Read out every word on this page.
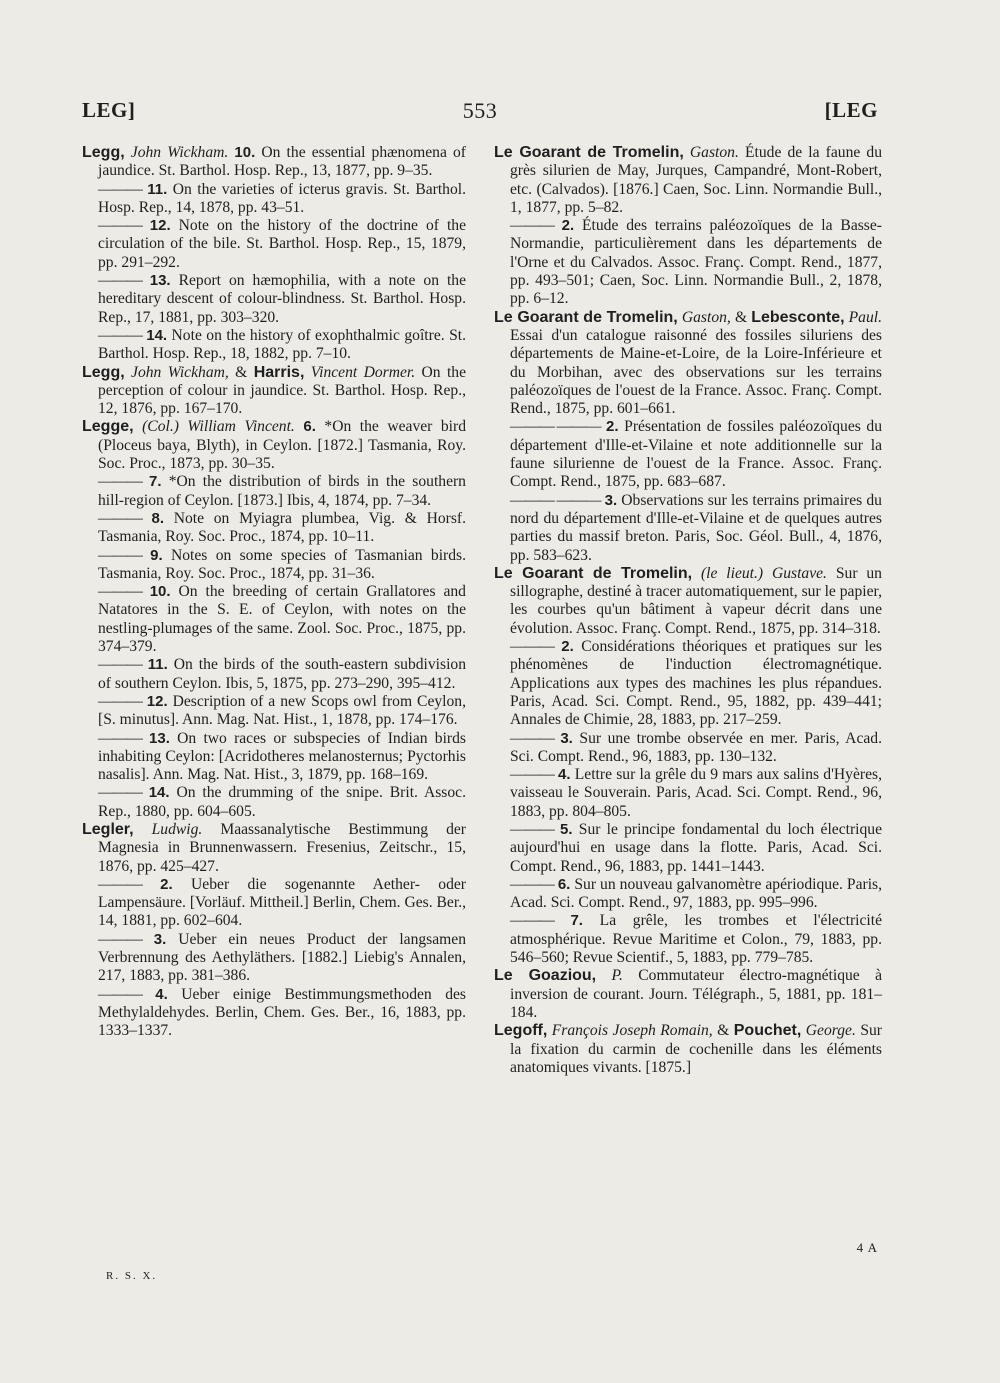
LEG]	553	[LEG

Legg, John Wickham. 10. On the essential phænomena of jaundice. St. Barthol. Hosp. Rep., 13, 1877, pp. 9–35.

——— 11. On the varieties of icterus gravis. St. Barthol. Hosp. Rep., 14, 1878, pp. 43–51.

——— 12. Note on the history of the doctrine of the circulation of the bile. St. Barthol. Hosp. Rep., 15, 1879, pp. 291–292.

——— 13. Report on hæmophilia, with a note on the hereditary descent of colour-blindness. St. Barthol. Hosp. Rep., 17, 1881, pp. 303–320.

——— 14. Note on the history of exophthalmic goître. St. Barthol. Hosp. Rep., 18, 1882, pp. 7–10.

Legg, John Wickham, & Harris, Vincent Dormer. On the perception of colour in jaundice. St. Barthol. Hosp. Rep., 12, 1876, pp. 167–170.

Legge, (Col.) William Vincent. 6. *On the weaver bird (Ploceus baya, Blyth), in Ceylon. [1872.] Tasmania, Roy. Soc. Proc., 1873, pp. 30–35.

——— 7. *On the distribution of birds in the southern hill-region of Ceylon. [1873.] Ibis, 4, 1874, pp. 7–34.

——— 8. Note on Myiagra plumbea, Vig. & Horsf. Tasmania, Roy. Soc. Proc., 1874, pp. 10–11.

——— 9. Notes on some species of Tasmanian birds. Tasmania, Roy. Soc. Proc., 1874, pp. 31–36.

——— 10. On the breeding of certain Grallatores and Natatores in the S. E. of Ceylon, with notes on the nestling-plumages of the same. Zool. Soc. Proc., 1875, pp. 374–379.

——— 11. On the birds of the south-eastern subdivision of southern Ceylon. Ibis, 5, 1875, pp. 273–290, 395–412.

——— 12. Description of a new Scops owl from Ceylon, [S. minutus]. Ann. Mag. Nat. Hist., 1, 1878, pp. 174–176.

——— 13. On two races or subspecies of Indian birds inhabiting Ceylon: [Acridotheres melanosternus; Pyctorhis nasalis]. Ann. Mag. Nat. Hist., 3, 1879, pp. 168–169.

——— 14. On the drumming of the snipe. Brit. Assoc. Rep., 1880, pp. 604–605.

Legler, Ludwig. Maassanalytische Bestimmung der Magnesia in Brunnenwassern. Fresenius, Zeitschr., 15, 1876, pp. 425–427.

——— 2. Ueber die sogenannte Aether- oder Lampensäure. [Vorläuf. Mittheil.] Berlin, Chem. Ges. Ber., 14, 1881, pp. 602–604.

——— 3. Ueber ein neues Product der langsamen Verbrennung des Aethyläthers. [1882.] Liebig's Annalen, 217, 1883, pp. 381–386.

——— 4. Ueber einige Bestimmungsmethoden des Methylaldehydes. Berlin, Chem. Ges. Ber., 16, 1883, pp. 1333–1337.

Le Goarant de Tromelin, Gaston. Étude de la faune du grès silurien de May, Jurques, Campandré, Mont-Robert, etc. (Calvados). [1876.] Caen, Soc. Linn. Normandie Bull., 1, 1877, pp. 5–82.

——— 2. Étude des terrains paléozoïques de la Basse-Normandie, particulièrement dans les départements de l'Orne et du Calvados. Assoc. Franç. Compt. Rend., 1877, pp. 493–501; Caen, Soc. Linn. Normandie Bull., 2, 1878, pp. 6–12.

Le Goarant de Tromelin, Gaston, & Lebesconte, Paul. Essai d'un catalogue raisonné des fossiles siluriens des départements de Maine-et-Loire, de la Loire-Inférieure et du Morbihan, avec des observations sur les terrains paléozoïques de l'ouest de la France. Assoc. Franç. Compt. Rend., 1875, pp. 601–661.

——— ——— 2. Présentation de fossiles paléozoïques du département d'Ille-et-Vilaine et note additionnelle sur la faune silurienne de l'ouest de la France. Assoc. Franç. Compt. Rend., 1875, pp. 683–687.

——— ——— 3. Observations sur les terrains primaires du nord du département d'Ille-et-Vilaine et de quelques autres parties du massif breton. Paris, Soc. Géol. Bull., 4, 1876, pp. 583–623.

Le Goarant de Tromelin, (le lieut.) Gustave. Sur un sillographe, destiné à tracer automatiquement, sur le papier, les courbes qu'un bâtiment à vapeur décrit dans une évolution. Assoc. Franç. Compt. Rend., 1875, pp. 314–318.

——— 2. Considérations théoriques et pratiques sur les phénomènes de l'induction électromagnétique. Applications aux types des machines les plus répandues. Paris, Acad. Sci. Compt. Rend., 95, 1882, pp. 439–441; Annales de Chimie, 28, 1883, pp. 217–259.

——— 3. Sur une trombe observée en mer. Paris, Acad. Sci. Compt. Rend., 96, 1883, pp. 130–132.

——— 4. Lettre sur la grêle du 9 mars aux salins d'Hyères, vaisseau le Souverain. Paris, Acad. Sci. Compt. Rend., 96, 1883, pp. 804–805.

——— 5. Sur le principe fondamental du loch électrique aujourd'hui en usage dans la flotte. Paris, Acad. Sci. Compt. Rend., 96, 1883, pp. 1441–1443.

——— 6. Sur un nouveau galvanomètre apériodique. Paris, Acad. Sci. Compt. Rend., 97, 1883, pp. 995–996.

——— 7. La grêle, les trombes et l'électricité atmosphérique. Revue Maritime et Colon., 79, 1883, pp. 546–560; Revue Scientif., 5, 1883, pp. 779–785.

Le Goaziou, P. Commutateur électro-magnétique à inversion de courant. Journ. Télégraph., 5, 1881, pp. 181–184.

Legoff, François Joseph Romain, & Pouchet, George. Sur la fixation du carmin de cochenille dans les éléments anatomiques vivants. [1875.]

R. S. X.
4 A
